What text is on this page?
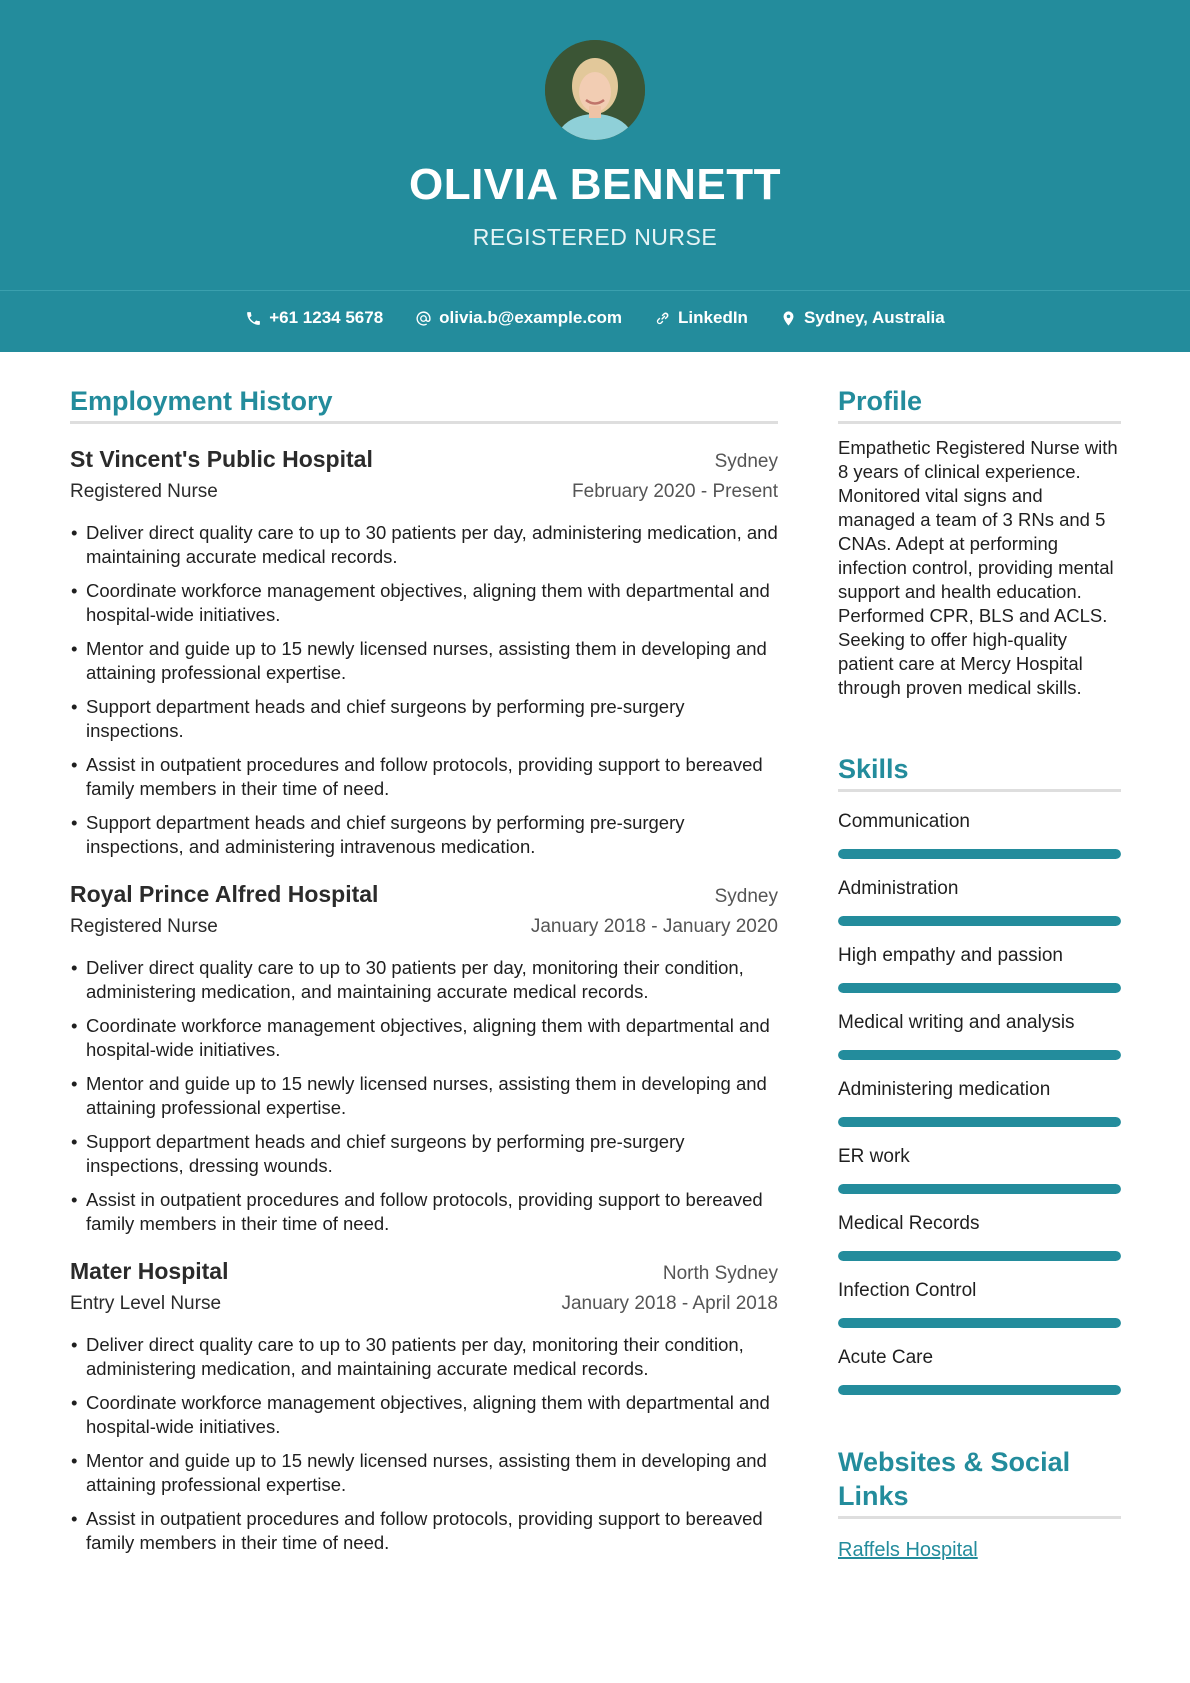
OLIVIA BENNETT
REGISTERED NURSE
+61 1234 5678	olivia.b@example.com	LinkedIn	Sydney, Australia
Employment History
St Vincent's Public Hospital	Sydney
Registered Nurse	February 2020 - Present
• Deliver direct quality care to up to 30 patients per day, administering medication, and maintaining accurate medical records.
• Coordinate workforce management objectives, aligning them with departmental and hospital-wide initiatives.
• Mentor and guide up to 15 newly licensed nurses, assisting them in developing and attaining professional expertise.
• Support department heads and chief surgeons by performing pre-surgery inspections.
• Assist in outpatient procedures and follow protocols, providing support to bereaved family members in their time of need.
• Support department heads and chief surgeons by performing pre-surgery inspections, and administering intravenous medication.
Royal Prince Alfred Hospital	Sydney
Registered Nurse	January 2018 - January 2020
• Deliver direct quality care to up to 30 patients per day, monitoring their condition, administering medication, and maintaining accurate medical records.
• Coordinate workforce management objectives, aligning them with departmental and hospital-wide initiatives.
• Mentor and guide up to 15 newly licensed nurses, assisting them in developing and attaining professional expertise.
• Support department heads and chief surgeons by performing pre-surgery inspections, dressing wounds.
• Assist in outpatient procedures and follow protocols, providing support to bereaved family members in their time of need.
Mater Hospital	North Sydney
Entry Level Nurse	January 2018 - April 2018
• Deliver direct quality care to up to 30 patients per day, monitoring their condition, administering medication, and maintaining accurate medical records.
• Coordinate workforce management objectives, aligning them with departmental and hospital-wide initiatives.
• Mentor and guide up to 15 newly licensed nurses, assisting them in developing and attaining professional expertise.
• Assist in outpatient procedures and follow protocols, providing support to bereaved family members in their time of need.
Profile
Empathetic Registered Nurse with 8 years of clinical experience. Monitored vital signs and managed a team of 3 RNs and 5 CNAs. Adept at performing infection control, providing mental support and health education. Performed CPR, BLS and ACLS. Seeking to offer high-quality patient care at Mercy Hospital through proven medical skills.
Skills
Communication
Administration
High empathy and passion
Medical writing and analysis
Administering medication
ER work
Medical Records
Infection Control
Acute Care
Websites & Social Links
Raffels Hospital
